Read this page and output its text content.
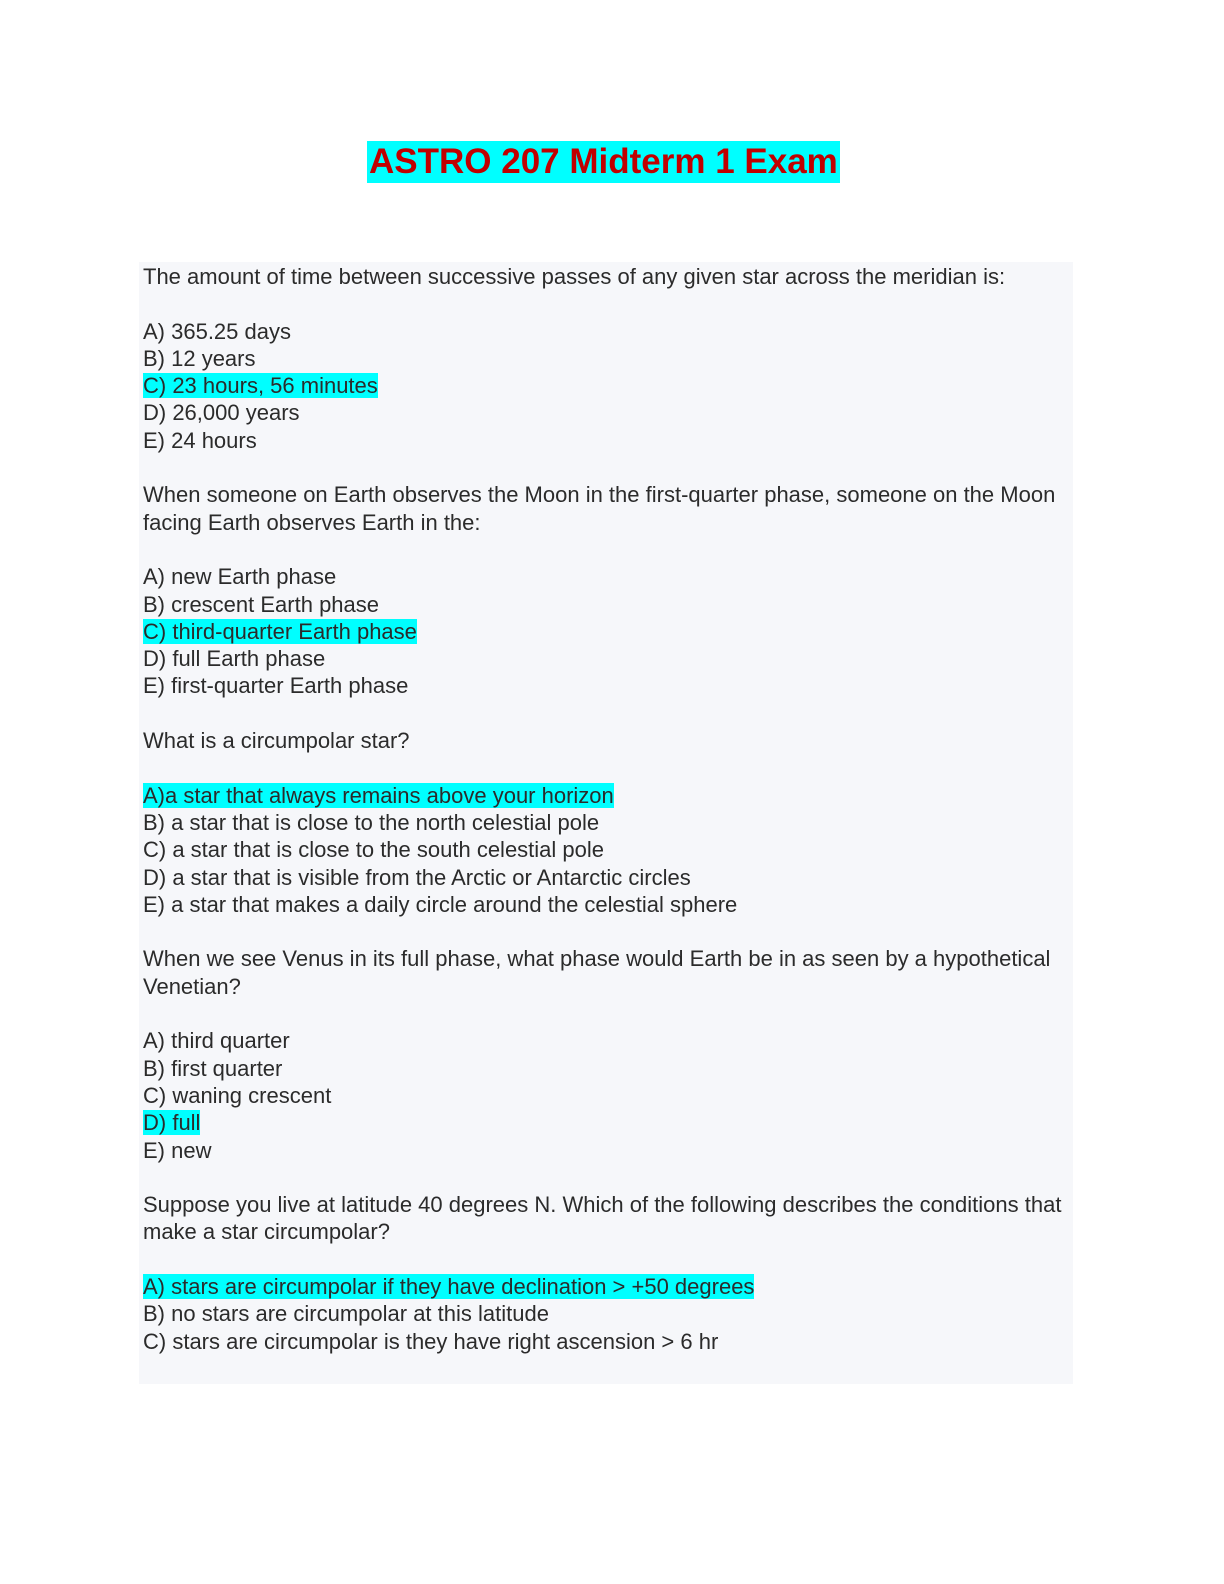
ASTRO 207 Midterm 1 Exam

The amount of time between successive passes of any given star across the meridian is:

A) 365.25 days
B) 12 years
C) 23 hours, 56 minutes
D) 26,000 years
E) 24 hours

When someone on Earth observes the Moon in the first-quarter phase, someone on the Moon facing Earth observes Earth in the:

A) new Earth phase
B) crescent Earth phase
C) third-quarter Earth phase
D) full Earth phase
E) first-quarter Earth phase

What is a circumpolar star?

A)a star that always remains above your horizon
B) a star that is close to the north celestial pole
C) a star that is close to the south celestial pole
D) a star that is visible from the Arctic or Antarctic circles
E) a star that makes a daily circle around the celestial sphere

When we see Venus in its full phase, what phase would Earth be in as seen by a hypothetical Venetian?

A) third quarter
B) first quarter
C) waning crescent
D) full
E) new

Suppose you live at latitude 40 degrees N. Which of the following describes the conditions that make a star circumpolar?

A) stars are circumpolar if they have declination > +50 degrees
B) no stars are circumpolar at this latitude
C) stars are circumpolar is they have right ascension > 6 hr
